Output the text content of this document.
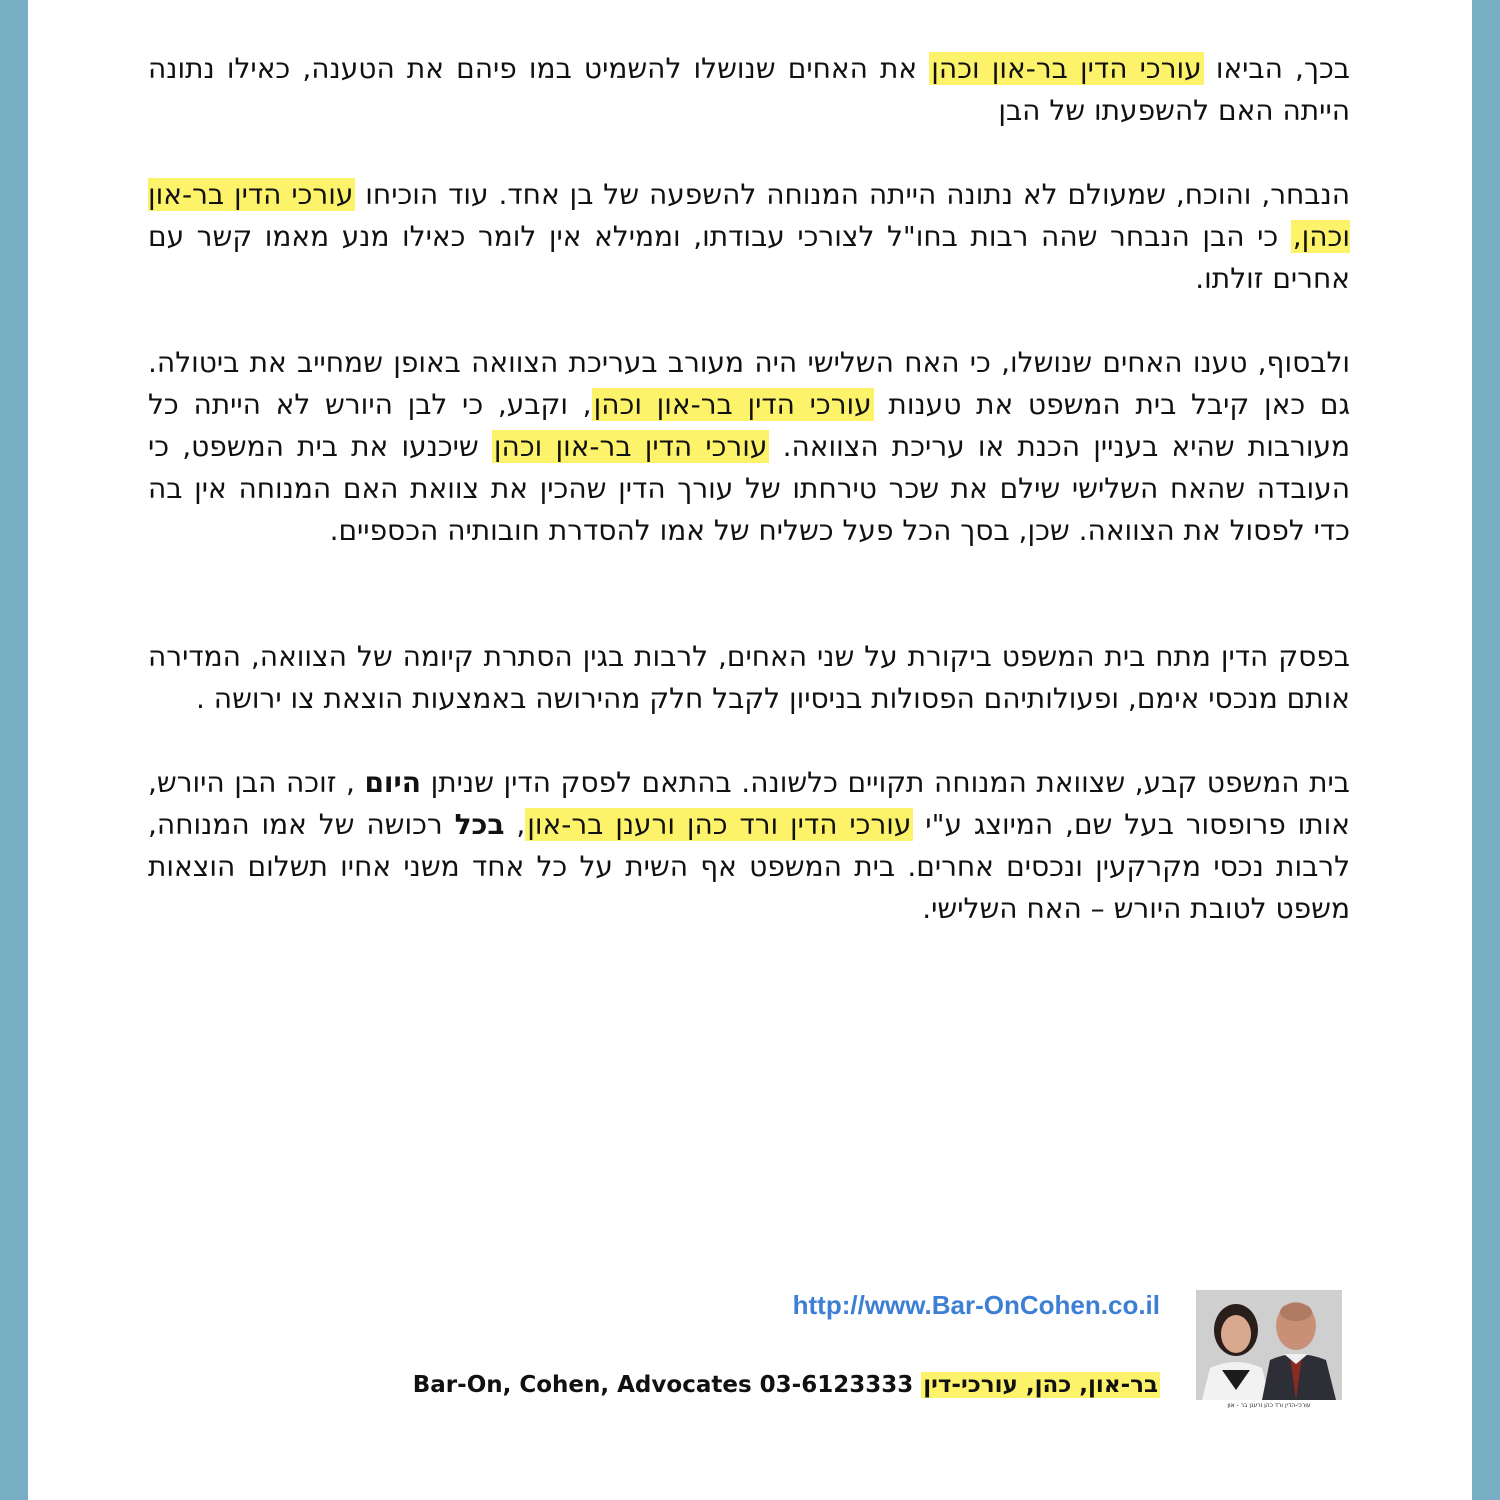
בכך, הביאו עורכי הדין בר-און וכהן את האחים שנושלו להשמיט במו פיהם את הטענה, כאילו נתונה הייתה האם להשפעתו של הבן

הנבחר, והוכח, שמעולם לא נתונה הייתה המנוחה להשפעה של בן אחד. עוד הוכיחו עורכי הדין בר-און וכהן, כי הבן הנבחר שהה רבות בחו"ל לצורכי עבודתו, וממילא אין לומר כאילו מנע מאמו קשר עם אחרים זולתו.

ולבסוף, טענו האחים שנושלו, כי האח השלישי היה מעורב בעריכת הצוואה באופן שמחייב את ביטולה. גם כאן קיבל בית המשפט את טענות עורכי הדין בר-און וכהן, וקבע, כי לבן היורש לא הייתה כל מעורבות שהיא בעניין הכנת או עריכת הצוואה. עורכי הדין בר-און וכהן שיכנעו את בית המשפט, כי העובדה שהאח השלישי שילם את שכר טירחתו של עורך הדין שהכין את צוואת האם המנוחה אין בה כדי לפסול את הצוואה. שכן, בסך הכל פעל כשליח של אמו להסדרת חובותיה הכספיים.

בפסק הדין מתח בית המשפט ביקורת על שני האחים, לרבות בגין הסתרת קיומה של הצוואה, המדירה אותם מנכסי אימם, ופעולותיהם הפסולות בניסיון לקבל חלק מהירושה באמצעות הוצאת צו ירושה .

בית המשפט קבע, שצוואת המנוחה תקויים כלשונה. בהתאם לפסק הדין שניתן היום , זוכה הבן היורש, אותו פרופסור בעל שם, המיוצג ע"י עורכי הדין ורד כהן ורענן בר-און, בכל רכושה של אמו המנוחה, לרבות נכסי מקרקעין ונכסים אחרים. בית המשפט אף השית על כל אחד משני אחיו תשלום הוצאות משפט לטובת היורש – האח השלישי.

http://www.Bar-OnCohen.co.il
Bar-On, Cohen, Advocates 03-6123333 בר-און, כהן, עורכי-דין
עורכי-הדין ורד כהן ורענן בר - און
